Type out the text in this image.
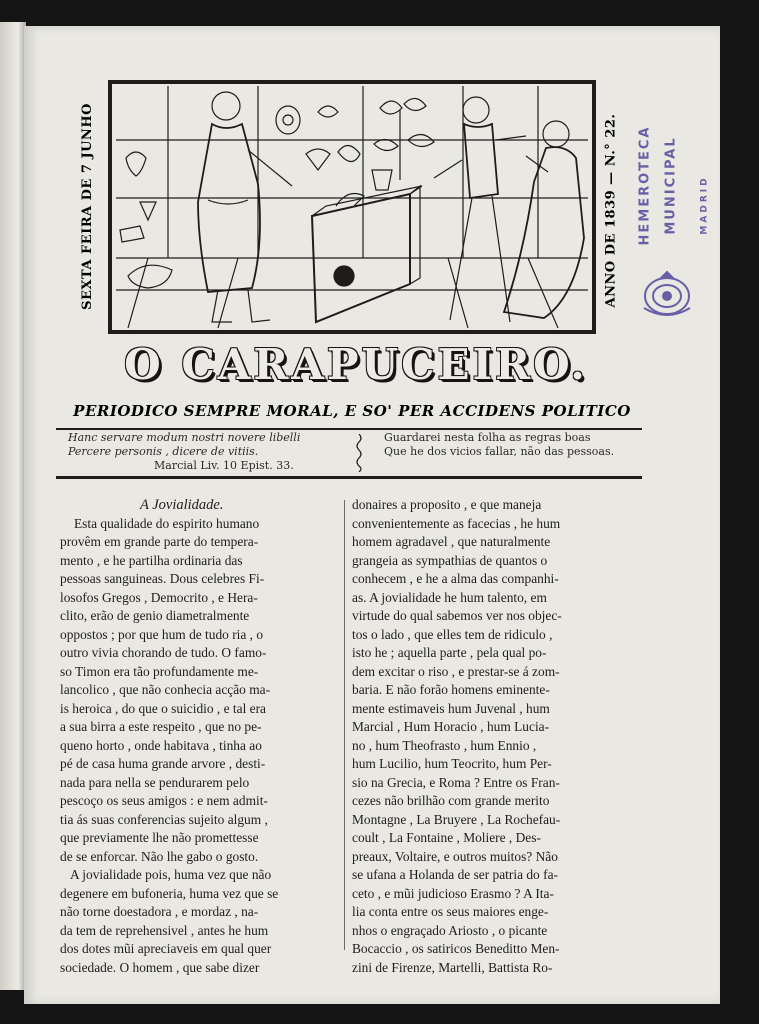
SEXTA FEIRA DE 7 JUNHO	ANNO DE 1839 — N.° 22. HEMEROTECA MUNICIPAL MADRID
O CARAPUCEIRO.
PERIODICO SEMPRE MORAL, E SO' PER ACCIDENS POLITICO
Hanc servare modum nostri novere libelli
Percere personis , dicere de vitiis.
Marcial Liv. 10 Epist. 33.
Guardarei nesta folha as regras boas
Que he dos vicios fallar, não das pessoas.
A Jovialidade.
Esta qualidade do espirito humano
provêm em grande parte do tempera-
mento , e he partilha ordinaria das
pessoas sanguineas. Dous celebres Fi-
losofos Gregos , Democrito , e Hera-
clito, erão de genio diametralmente
oppostos ; por que hum de tudo ria , o
outro vivia chorando de tudo. O famo-
so Timon era tão profundamente me-
lancolico , que não conhecia acção ma-
is heroica , do que o suicidio , e tal era
a sua birra a este respeito , que no pe-
queno horto , onde habitava , tinha ao
pé de casa huma grande arvore , desti-
nada para nella se pendurarem pelo
pescoço os seus amigos : e nem admit-
tia ás suas conferencias sujeito algum ,
que previamente lhe não promettesse
de se enforcar. Não lhe gabo o gosto.
A jovialidade pois, huma vez que não
degenere em bufoneria, huma vez que se
não torne doestadora , e mordaz , na-
da tem de reprehensivel , antes he hum
dos dotes mũi apreciaveis em qual quer
sociedade. O homem , que sabe dizer
donaires a proposito , e que maneja
convenientemente as facecias , he hum
homem agradavel , que naturalmente
grangeia as sympathias de quantos o
conhecem , e he a alma das companhi-
as. A jovialidade he hum talento, em
virtude do qual sabemos ver nos objec-
tos o lado , que elles tem de ridiculo ,
isto he ; aquella parte , pela qual po-
dem excitar o riso , e prestar-se á zom-
baria. E não forão homens eminente-
mente estimaveis hum Juvenal , hum
Marcial , Hum Horacio , hum Lucia-
no , hum Theofrasto , hum Ennio ,
hum Lucilio, hum Teocrito, hum Per-
sio na Grecia, e Roma ? Entre os Fran-
cezes não brilhão com grande merito
Montagne , La Bruyere , La Rochefau-
coult , La Fontaine , Moliere , Des-
preaux, Voltaire, e outros muitos? Não
se ufana a Holanda de ser patria do fa-
ceto , e mũi judicioso Erasmo ? A Ita-
lia conta entre os seus maiores enge-
nhos o engraçado Ariosto , o picante
Bocaccio , os satiricos Beneditto Men-
zini de Firenze, Martelli, Battista Ro-
